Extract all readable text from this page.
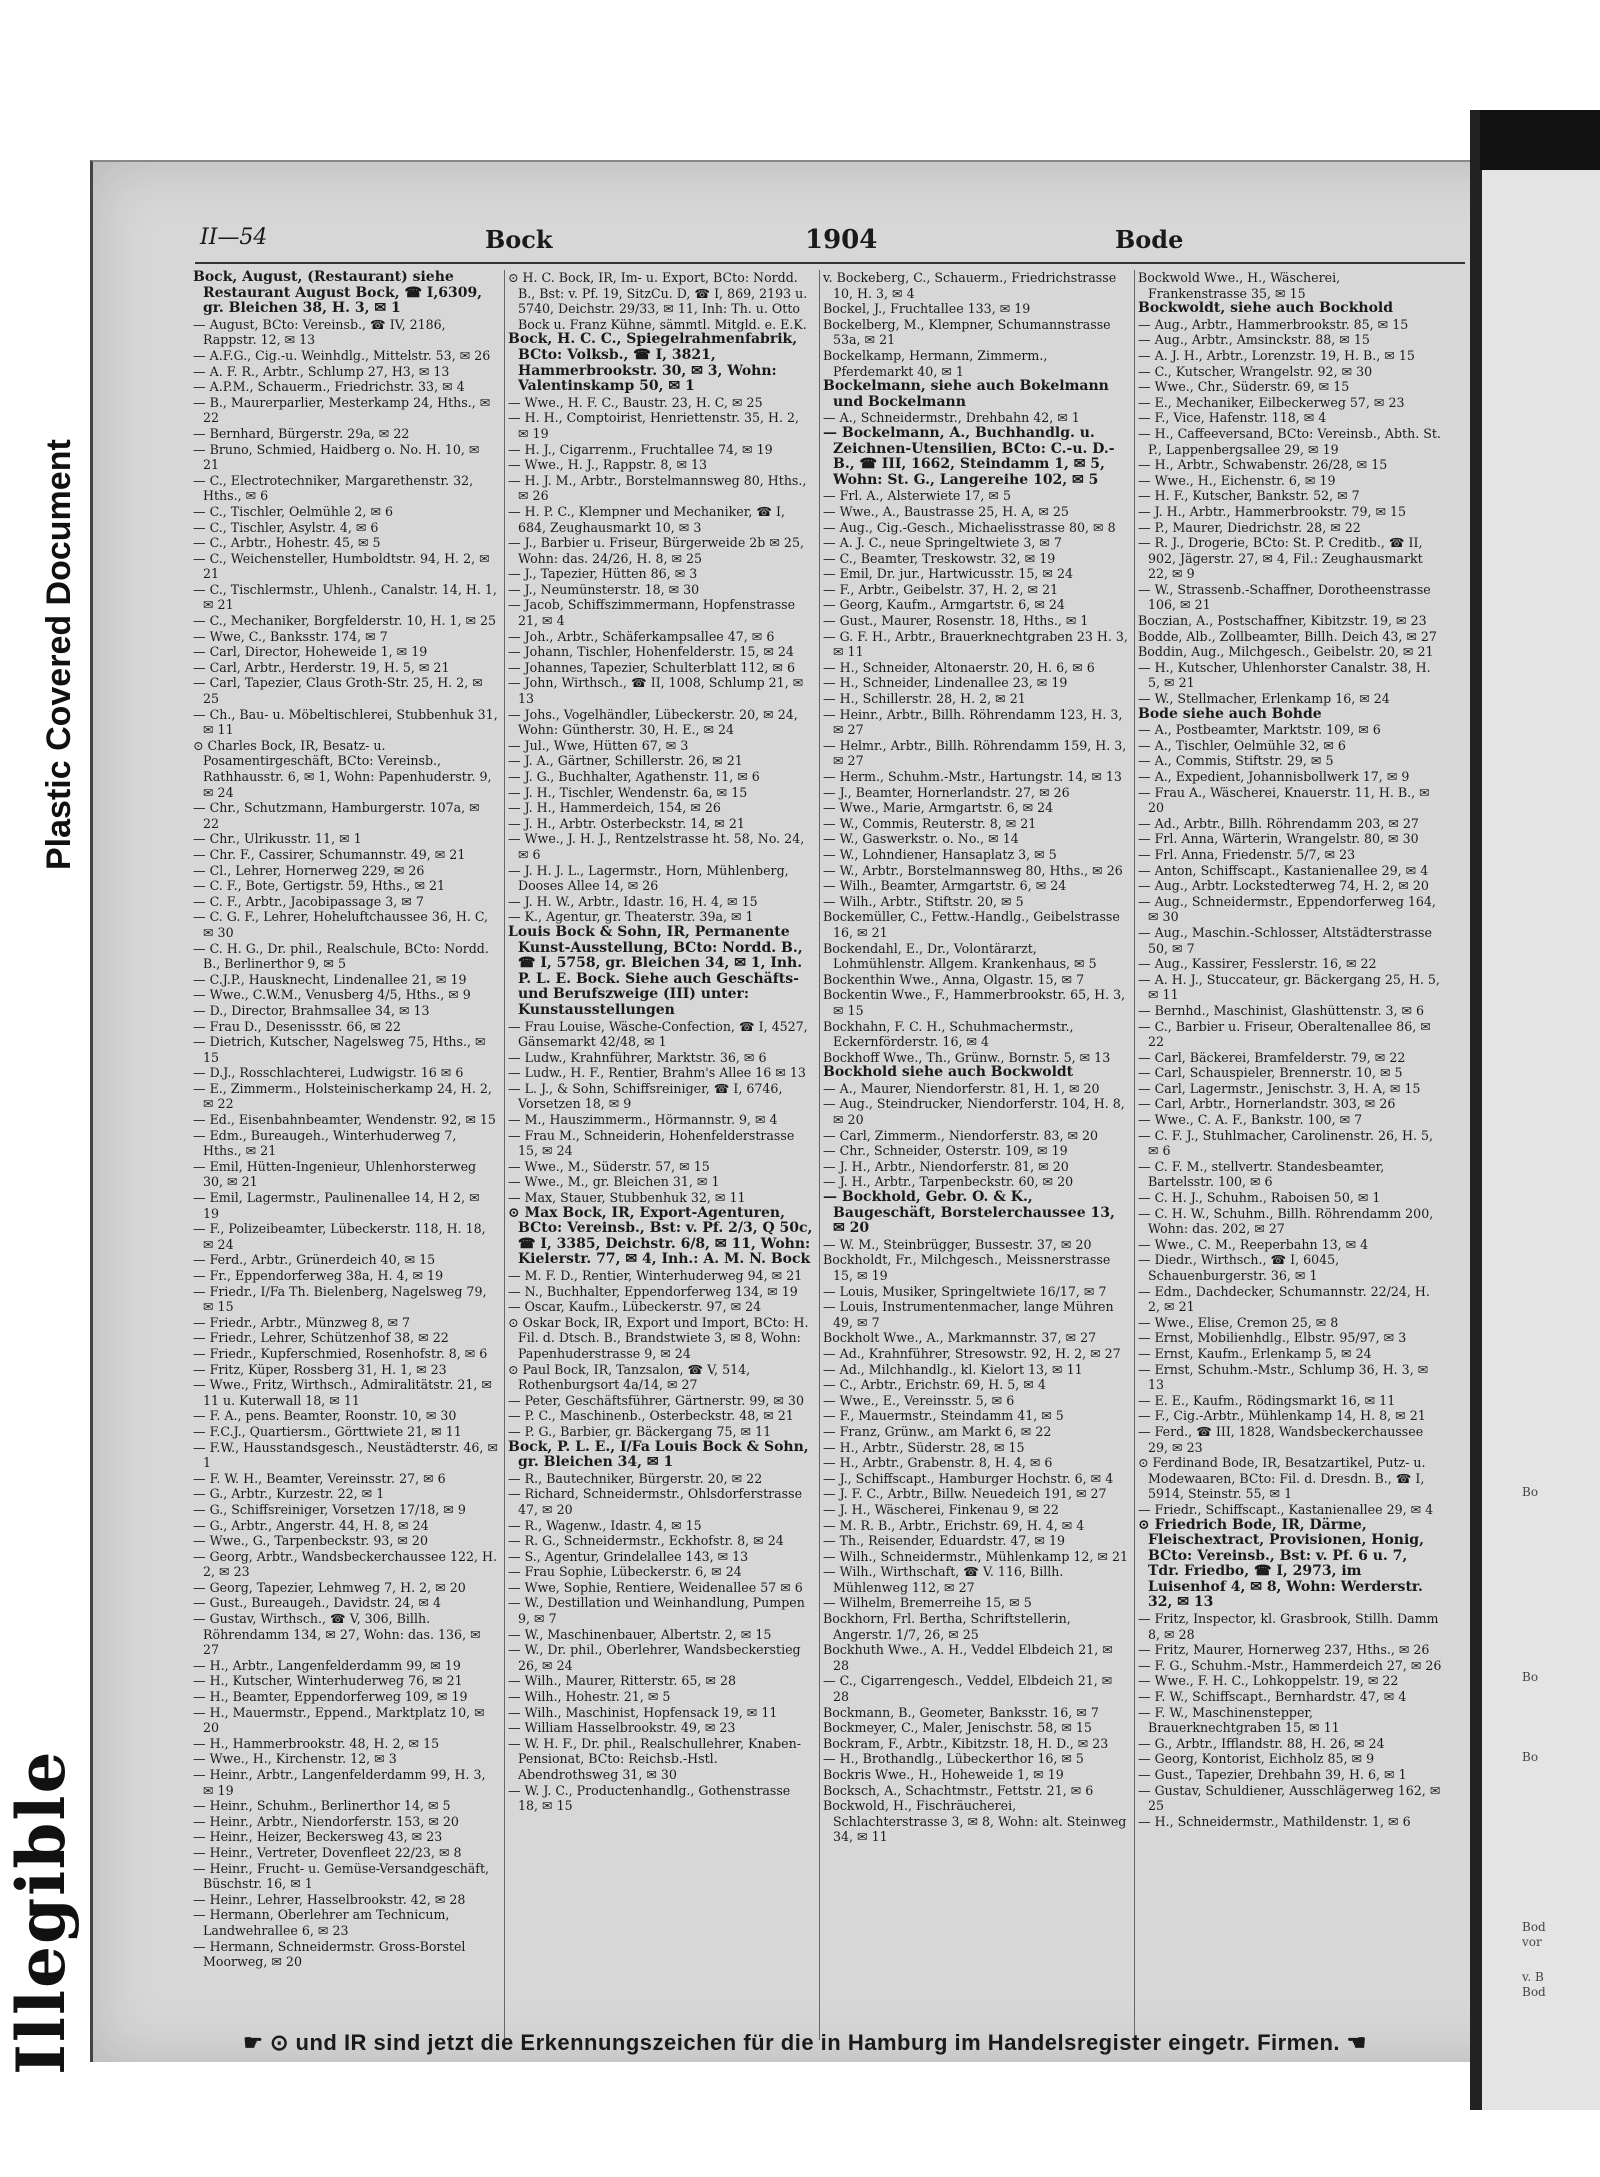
Plastic Covered Document
Illegible
Bo
Bo
Bod
vor
Bo
v. B
Bod
II—54	Bock	1904	Bode
Bock, August, (Restaurant) siehe Restaurant August Bock, ☎ I,6309, gr. Bleichen 38, H. 3, ✉ 1
— August, BCto: Vereinsb., ☎ IV, 2186, Rappstr. 12, ✉ 13
— A.F.G., Cig.-u. Weinhdlg., Mittelstr. 53, ✉ 26
— A. F. R., Arbtr., Schlump 27, H3, ✉ 13
— A.P.M., Schauerm., Friedrichstr. 33, ✉ 4
— B., Maurerparlier, Mesterkamp 24, Hths., ✉ 22
— Bernhard, Bürgerstr. 29a, ✉ 22
— Bruno, Schmied, Haidberg o. No. H. 10, ✉ 21
— C., Electrotechniker, Margarethenstr. 32, Hths., ✉ 6
— C., Tischler, Oelmühle 2, ✉ 6
— C., Tischler, Asylstr. 4, ✉ 6
— C., Arbtr., Hohestr. 45, ✉ 5
— C., Weichensteller, Humboldtstr. 94, H. 2, ✉ 21
— C., Tischlermstr., Uhlenh., Canalstr. 14, H. 1, ✉ 21
— C., Mechaniker, Borgfelderstr. 10, H. 1, ✉ 25
— Wwe, C., Banksstr. 174, ✉ 7
— Carl, Director, Hoheweide 1, ✉ 19
— Carl, Arbtr., Herderstr. 19, H. 5, ✉ 21
— Carl, Tapezier, Claus Groth-Str. 25, H. 2, ✉ 25
— Ch., Bau- u. Möbeltischlerei, Stubbenhuk 31, ✉ 11
⊙ Charles Bock, IR, Besatz- u. Posamentirgeschäft, BCto: Vereinsb., Rathhausstr. 6, ✉ 1, Wohn: Papenhuderstr. 9, ✉ 24
— Chr., Schutzmann, Hamburgerstr. 107a, ✉ 22
— Chr., Ulrikusstr. 11, ✉ 1
— Chr. F., Cassirer, Schumannstr. 49, ✉ 21
— Cl., Lehrer, Hornerweg 229, ✉ 26
— C. F., Bote, Gertigstr. 59, Hths., ✉ 21
— C. F., Arbtr., Jacobipassage 3, ✉ 7
— C. G. F., Lehrer, Hoheluftchaussee 36, H. C, ✉ 30
— C. H. G., Dr. phil., Realschule, BCto: Nordd. B., Berlinerthor 9, ✉ 5
— C.J.P., Hausknecht, Lindenallee 21, ✉ 19
— Wwe., C.W.M., Venusberg 4/5, Hths., ✉ 9
— D., Director, Brahmsallee 34, ✉ 13
— Frau D., Desenissstr. 66, ✉ 22
— Dietrich, Kutscher, Nagelsweg 75, Hths., ✉ 15
— D.J., Rosschlachterei, Ludwigstr. 16 ✉ 6
— E., Zimmerm., Holsteinischerkamp 24, H. 2, ✉ 22
— Ed., Eisenbahnbeamter, Wendenstr. 92, ✉ 15
— Edm., Bureaugeh., Winterhuderweg 7, Hths., ✉ 21
— Emil, Hütten-Ingenieur, Uhlenhorsterweg 30, ✉ 21
— Emil, Lagermstr., Paulinenallee 14, H 2, ✉ 19
— F., Polizeibeamter, Lübeckerstr. 118, H. 18, ✉ 24
— Ferd., Arbtr., Grünerdeich 40, ✉ 15
— Fr., Eppendorferweg 38a, H. 4, ✉ 19
— Friedr., I/Fa Th. Bielenberg, Nagelsweg 79, ✉ 15
— Friedr., Arbtr., Münzweg 8, ✉ 7
— Friedr., Lehrer, Schützenhof 38, ✉ 22
— Friedr., Kupferschmied, Rosenhofstr. 8, ✉ 6
— Fritz, Küper, Rossberg 31, H. 1, ✉ 23
— Wwe., Fritz, Wirthsch., Admiralitätstr. 21, ✉ 11 u. Kuterwall 18, ✉ 11
— F. A., pens. Beamter, Roonstr. 10, ✉ 30
— F.C.J., Quartiersm., Görttwiete 21, ✉ 11
— F.W., Hausstandsgesch., Neustädterstr. 46, ✉ 1
— F. W. H., Beamter, Vereinsstr. 27, ✉ 6
— G., Arbtr., Kurzestr. 22, ✉ 1
— G., Schiffsreiniger, Vorsetzen 17/18, ✉ 9
— G., Arbtr., Angerstr. 44, H. 8, ✉ 24
— Wwe., G., Tarpenbeckstr. 93, ✉ 20
— Georg, Arbtr., Wandsbeckerchaussee 122, H. 2, ✉ 23
— Georg, Tapezier, Lehmweg 7, H. 2, ✉ 20
— Gust., Bureaugeh., Davidstr. 24, ✉ 4
— Gustav, Wirthsch., ☎ V, 306, Billh. Röhrendamm 134, ✉ 27, Wohn: das. 136, ✉ 27
— H., Arbtr., Langenfelderdamm 99, ✉ 19
— H., Kutscher, Winterhuderweg 76, ✉ 21
— H., Beamter, Eppendorferweg 109, ✉ 19
— H., Mauermstr., Eppend., Marktplatz 10, ✉ 20
— H., Hammerbrookstr. 48, H. 2, ✉ 15
— Wwe., H., Kirchenstr. 12, ✉ 3
— Heinr., Arbtr., Langenfelderdamm 99, H. 3, ✉ 19
— Heinr., Schuhm., Berlinerthor 14, ✉ 5
— Heinr., Arbtr., Niendorferstr. 153, ✉ 20
— Heinr., Heizer, Beckersweg 43, ✉ 23
— Heinr., Vertreter, Dovenfleet 22/23, ✉ 8
— Heinr., Frucht- u. Gemüse-Versandgeschäft, Büschstr. 16, ✉ 1
— Heinr., Lehrer, Hasselbrookstr. 42, ✉ 28
— Hermann, Oberlehrer am Technicum, Landwehrallee 6, ✉ 23
— Hermann, Schneidermstr. Gross-Borstel Moorweg, ✉ 20
⊙ H. C. Bock, IR, Im- u. Export, BCto: Nordd. B., Bst: v. Pf. 19, SitzCu. D, ☎ I, 869, 2193 u. 5740, Deichstr. 29/33, ✉ 11, Inh: Th. u. Otto Bock u. Franz Kühne, sämmtl. Mitgld. e. E.K.
Bock, H. C. C., Spiegelrahmenfabrik, BCto: Volksb., ☎ I, 3821, Hammerbrookstr. 30, ✉ 3, Wohn: Valentinskamp 50, ✉ 1
— Wwe., H. F. C., Baustr. 23, H. C, ✉ 25
— H. H., Comptoirist, Henriettenstr. 35, H. 2, ✉ 19
— H. J., Cigarrenm., Fruchtallee 74, ✉ 19
— Wwe., H. J., Rappstr. 8, ✉ 13
— H. J. M., Arbtr., Borstelmannsweg 80, Hths., ✉ 26
— H. P. C., Klempner und Mechaniker, ☎ I, 684, Zeughausmarkt 10, ✉ 3
— J., Barbier u. Friseur, Bürgerweide 2b ✉ 25, Wohn: das. 24/26, H. 8, ✉ 25
— J., Tapezier, Hütten 86, ✉ 3
— J., Neumünsterstr. 18, ✉ 30
— Jacob, Schiffszimmermann, Hopfenstrasse 21, ✉ 4
— Joh., Arbtr., Schäferkampsallee 47, ✉ 6
— Johann, Tischler, Hohenfelderstr. 15, ✉ 24
— Johannes, Tapezier, Schulterblatt 112, ✉ 6
— John, Wirthsch., ☎ II, 1008, Schlump 21, ✉ 13
— Johs., Vogelhändler, Lübeckerstr. 20, ✉ 24, Wohn: Güntherstr. 30, H. E., ✉ 24
— Jul., Wwe, Hütten 67, ✉ 3
— J. A., Gärtner, Schillerstr. 26, ✉ 21
— J. G., Buchhalter, Agathenstr. 11, ✉ 6
— J. H., Tischler, Wendenstr. 6a, ✉ 15
— J. H., Hammerdeich, 154, ✉ 26
— J. H., Arbtr. Osterbeckstr. 14, ✉ 21
— Wwe., J. H. J., Rentzelstrasse ht. 58, No. 24, ✉ 6
— J. H. J. L., Lagermstr., Horn, Mühlenberg, Dooses Allee 14, ✉ 26
— J. H. W., Arbtr., Idastr. 16, H. 4, ✉ 15
— K., Agentur, gr. Theaterstr. 39a, ✉ 1
Louis Bock & Sohn, IR, Permanente Kunst-Ausstellung, BCto: Nordd. B., ☎ I, 5758, gr. Bleichen 34, ✉ 1, Inh. P. L. E. Bock. Siehe auch Geschäfts- und Berufszweige (III) unter: Kunstausstellungen
— Frau Louise, Wäsche-Confection, ☎ I, 4527, Gänsemarkt 42/48, ✉ 1
— Ludw., Krahnführer, Marktstr. 36, ✉ 6
— Ludw., H. F., Rentier, Brahm's Allee 16 ✉ 13
— L. J., & Sohn, Schiffsreiniger, ☎ I, 6746, Vorsetzen 18, ✉ 9
— M., Hauszimmerm., Hörmannstr. 9, ✉ 4
— Frau M., Schneiderin, Hohenfelderstrasse 15, ✉ 24
— Wwe., M., Süderstr. 57, ✉ 15
— Wwe., M., gr. Bleichen 31, ✉ 1
— Max, Stauer, Stubbenhuk 32, ✉ 11
⊙ Max Bock, IR, Export-Agenturen, BCto: Vereinsb., Bst: v. Pf. 2/3, Q 50c, ☎ I, 3385, Deichstr. 6/8, ✉ 11, Wohn: Kielerstr. 77, ✉ 4, Inh.: A. M. N. Bock
— M. F. D., Rentier, Winterhuderweg 94, ✉ 21
— N., Buchhalter, Eppendorferweg 134, ✉ 19
— Oscar, Kaufm., Lübeckerstr. 97, ✉ 24
⊙ Oskar Bock, IR, Export und Import, BCto: H. Fil. d. Dtsch. B., Brandstwiete 3, ✉ 8, Wohn: Papenhuderstrasse 9, ✉ 24
⊙ Paul Bock, IR, Tanzsalon, ☎ V, 514, Rothenburgsort 4a/14, ✉ 27
— Peter, Geschäftsführer, Gärtnerstr. 99, ✉ 30
— P. C., Maschinenb., Osterbeckstr. 48, ✉ 21
— P. G., Barbier, gr. Bäckergang 75, ✉ 11
Bock, P. L. E., I/Fa Louis Bock & Sohn, gr. Bleichen 34, ✉ 1
— R., Bautechniker, Bürgerstr. 20, ✉ 22
— Richard, Schneidermstr., Ohlsdorferstrasse 47, ✉ 20
— R., Wagenw., Idastr. 4, ✉ 15
— R. G., Schneidermstr., Eckhofstr. 8, ✉ 24
— S., Agentur, Grindelallee 143, ✉ 13
— Frau Sophie, Lübeckerstr. 6, ✉ 24
— Wwe, Sophie, Rentiere, Weidenallee 57 ✉ 6
— W., Destillation und Weinhandlung, Pumpen 9, ✉ 7
— W., Maschinenbauer, Albertstr. 2, ✉ 15
— W., Dr. phil., Oberlehrer, Wandsbeckerstieg 26, ✉ 24
— Wilh., Maurer, Ritterstr. 65, ✉ 28
— Wilh., Hohestr. 21, ✉ 5
— Wilh., Maschinist, Hopfensack 19, ✉ 11
— William Hasselbrookstr. 49, ✉ 23
— W. H. F., Dr. phil., Realschullehrer, Knaben-Pensionat, BCto: Reichsb.-Hstl. Abendrothsweg 31, ✉ 30
— W. J. C., Productenhandlg., Gothenstrasse 18, ✉ 15
v. Bockeberg, C., Schauerm., Friedrichstrasse 10, H. 3, ✉ 4
Bockel, J., Fruchtallee 133, ✉ 19
Bockelberg, M., Klempner, Schumannstrasse 53a, ✉ 21
Bockelkamp, Hermann, Zimmerm., Pferdemarkt 40, ✉ 1
Bockelmann, siehe auch Bokelmann und Bockelmann
— A., Schneidermstr., Drehbahn 42, ✉ 1
— Bockelmann, A., Buchhandlg. u. Zeichnen-Utensilien, BCto: C.-u. D.-B., ☎ III, 1662, Steindamm 1, ✉ 5, Wohn: St. G., Langereihe 102, ✉ 5
— Frl. A., Alsterwiete 17, ✉ 5
— Wwe., A., Baustrasse 25, H. A, ✉ 25
— Aug., Cig.-Gesch., Michaelisstrasse 80, ✉ 8
— A. J. C., neue Springeltwiete 3, ✉ 7
— C., Beamter, Treskowstr. 32, ✉ 19
— Emil, Dr. jur., Hartwicusstr. 15, ✉ 24
— F., Arbtr., Geibelstr. 37, H. 2, ✉ 21
— Georg, Kaufm., Armgartstr. 6, ✉ 24
— Gust., Maurer, Rosenstr. 18, Hths., ✉ 1
— G. F. H., Arbtr., Brauerknechtgraben 23 H. 3, ✉ 11
— H., Schneider, Altonaerstr. 20, H. 6, ✉ 6
— H., Schneider, Lindenallee 23, ✉ 19
— H., Schillerstr. 28, H. 2, ✉ 21
— Heinr., Arbtr., Billh. Röhrendamm 123, H. 3, ✉ 27
— Helmr., Arbtr., Billh. Röhrendamm 159, H. 3, ✉ 27
— Herm., Schuhm.-Mstr., Hartungstr. 14, ✉ 13
— J., Beamter, Hornerlandstr. 27, ✉ 26
— Wwe., Marie, Armgartstr. 6, ✉ 24
— W., Commis, Reuterstr. 8, ✉ 21
— W., Gaswerkstr. o. No., ✉ 14
— W., Lohndiener, Hansaplatz 3, ✉ 5
— W., Arbtr., Borstelmannsweg 80, Hths., ✉ 26
— Wilh., Beamter, Armgartstr. 6, ✉ 24
— Wilh., Arbtr., Stiftstr. 20, ✉ 5
Bockemüller, C., Fettw.-Handlg., Geibelstrasse 16, ✉ 21
Bockendahl, E., Dr., Volontärarzt, Lohmühlenstr. Allgem. Krankenhaus, ✉ 5
Bockenthin Wwe., Anna, Olgastr. 15, ✉ 7
Bockentin Wwe., F., Hammerbrookstr. 65, H. 3, ✉ 15
Bockhahn, F. C. H., Schuhmachermstr., Eckernförderstr. 16, ✉ 4
Bockhoff Wwe., Th., Grünw., Bornstr. 5, ✉ 13
Bockhold siehe auch Bockwoldt
— A., Maurer, Niendorferstr. 81, H. 1, ✉ 20
— Aug., Steindrucker, Niendorferstr. 104, H. 8, ✉ 20
— Carl, Zimmerm., Niendorferstr. 83, ✉ 20
— Chr., Schneider, Osterstr. 109, ✉ 19
— J. H., Arbtr., Niendorferstr. 81, ✉ 20
— J. H., Arbtr., Tarpenbeckstr. 60, ✉ 20
— Bockhold, Gebr. O. & K., Baugeschäft, Borstelerchaussee 13, ✉ 20
— W. M., Steinbrügger, Bussestr. 37, ✉ 20
Bockholdt, Fr., Milchgesch., Meissnerstrasse 15, ✉ 19
— Louis, Musiker, Springeltwiete 16/17, ✉ 7
— Louis, Instrumentenmacher, lange Mühren 49, ✉ 7
Bockholt Wwe., A., Markmannstr. 37, ✉ 27
— Ad., Krahnführer, Stresowstr. 92, H. 2, ✉ 27
— Ad., Milchhandlg., kl. Kielort 13, ✉ 11
— C., Arbtr., Erichstr. 69, H. 5, ✉ 4
— Wwe., E., Vereinsstr. 5, ✉ 6
— F., Mauermstr., Steindamm 41, ✉ 5
— Franz, Grünw., am Markt 6, ✉ 22
— H., Arbtr., Süderstr. 28, ✉ 15
— H., Arbtr., Grabenstr. 8, H. 4, ✉ 6
— J., Schiffscapt., Hamburger Hochstr. 6, ✉ 4
— J. F. C., Arbtr., Billw. Neuedeich 191, ✉ 27
— J. H., Wäscherei, Finkenau 9, ✉ 22
— M. R. B., Arbtr., Erichstr. 69, H. 4, ✉ 4
— Th., Reisender, Eduardstr. 47, ✉ 19
— Wilh., Schneidermstr., Mühlenkamp 12, ✉ 21
— Wilh., Wirthschaft, ☎ V. 116, Billh. Mühlenweg 112, ✉ 27
— Wilhelm, Bremerreihe 15, ✉ 5
Bockhorn, Frl. Bertha, Schriftstellerin, Angerstr. 1/7, 26, ✉ 25
Bockhuth Wwe., A. H., Veddel Elbdeich 21, ✉ 28
— C., Cigarrengesch., Veddel, Elbdeich 21, ✉ 28
Bockmann, B., Geometer, Banksstr. 16, ✉ 7
Bockmeyer, C., Maler, Jenischstr. 58, ✉ 15
Bockram, F., Arbtr., Kibitzstr. 18, H. D., ✉ 23
— H., Brothandlg., Lübeckerthor 16, ✉ 5
Bockris Wwe., H., Hoheweide 1, ✉ 19
Bocksch, A., Schachtmstr., Fettstr. 21, ✉ 6
Bockwold, H., Fischräucherei, Schlachterstrasse 3, ✉ 8, Wohn: alt. Steinweg 34, ✉ 11
Bockwold Wwe., H., Wäscherei, Frankenstrasse 35, ✉ 15
Bockwoldt, siehe auch Bockhold
— Aug., Arbtr., Hammerbrookstr. 85, ✉ 15
— Aug., Arbtr., Amsinckstr. 88, ✉ 15
— A. J. H., Arbtr., Lorenzstr. 19, H. B., ✉ 15
— C., Kutscher, Wrangelstr. 92, ✉ 30
— Wwe., Chr., Süderstr. 69, ✉ 15
— E., Mechaniker, Eilbeckerweg 57, ✉ 23
— F., Vice, Hafenstr. 118, ✉ 4
— H., Caffeeversand, BCto: Vereinsb., Abth. St. P., Lappenbergsallee 29, ✉ 19
— H., Arbtr., Schwabenstr. 26/28, ✉ 15
— Wwe., H., Eichenstr. 6, ✉ 19
— H. F., Kutscher, Bankstr. 52, ✉ 7
— J. H., Arbtr., Hammerbrookstr. 79, ✉ 15
— P., Maurer, Diedrichstr. 28, ✉ 22
— R. J., Drogerie, BCto: St. P. Creditb., ☎ II, 902, Jägerstr. 27, ✉ 4, Fil.: Zeughausmarkt 22, ✉ 9
— W., Strassenb.-Schaffner, Dorotheenstrasse 106, ✉ 21
Boczian, A., Postschaffner, Kibitzstr. 19, ✉ 23
Bodde, Alb., Zollbeamter, Billh. Deich 43, ✉ 27
Boddin, Aug., Milchgesch., Geibelstr. 20, ✉ 21
— H., Kutscher, Uhlenhorster Canalstr. 38, H. 5, ✉ 21
— W., Stellmacher, Erlenkamp 16, ✉ 24
Bode siehe auch Bohde
— A., Postbeamter, Marktstr. 109, ✉ 6
— A., Tischler, Oelmühle 32, ✉ 6
— A., Commis, Stiftstr. 29, ✉ 5
— A., Expedient, Johannisbollwerk 17, ✉ 9
— Frau A., Wäscherei, Knauerstr. 11, H. B., ✉ 20
— Ad., Arbtr., Billh. Röhrendamm 203, ✉ 27
— Frl. Anna, Wärterin, Wrangelstr. 80, ✉ 30
— Frl. Anna, Friedenstr. 5/7, ✉ 23
— Anton, Schiffscapt., Kastanienallee 29, ✉ 4
— Aug., Arbtr. Lockstedterweg 74, H. 2, ✉ 20
— Aug., Schneidermstr., Eppendorferweg 164, ✉ 30
— Aug., Maschin.-Schlosser, Altstädterstrasse 50, ✉ 7
— Aug., Kassirer, Fesslerstr. 16, ✉ 22
— A. H. J., Stuccateur, gr. Bäckergang 25, H. 5, ✉ 11
— Bernhd., Maschinist, Glashüttenstr. 3, ✉ 6
— C., Barbier u. Friseur, Oberaltenallee 86, ✉ 22
— Carl, Bäckerei, Bramfelderstr. 79, ✉ 22
— Carl, Schauspieler, Brennerstr. 10, ✉ 5
— Carl, Lagermstr., Jenischstr. 3, H. A, ✉ 15
— Carl, Arbtr., Hornerlandstr. 303, ✉ 26
— Wwe., C. A. F., Bankstr. 100, ✉ 7
— C. F. J., Stuhlmacher, Carolinenstr. 26, H. 5, ✉ 6
— C. F. M., stellvertr. Standesbeamter, Bartelsstr. 100, ✉ 6
— C. H. J., Schuhm., Raboisen 50, ✉ 1
— C. H. W., Schuhm., Billh. Röhrendamm 200, Wohn: das. 202, ✉ 27
— Wwe., C. M., Reeperbahn 13, ✉ 4
— Diedr., Wirthsch., ☎ I, 6045, Schauenburgerstr. 36, ✉ 1
— Edm., Dachdecker, Schumannstr. 22/24, H. 2, ✉ 21
— Wwe., Elise, Cremon 25, ✉ 8
— Ernst, Mobilienhdlg., Elbstr. 95/97, ✉ 3
— Ernst, Kaufm., Erlenkamp 5, ✉ 24
— Ernst, Schuhm.-Mstr., Schlump 36, H. 3, ✉ 13
— E. E., Kaufm., Rödingsmarkt 16, ✉ 11
— F., Cig.-Arbtr., Mühlenkamp 14, H. 8, ✉ 21
— Ferd., ☎ III, 1828, Wandsbeckerchaussee 29, ✉ 23
⊙ Ferdinand Bode, IR, Besatzartikel, Putz- u. Modewaaren, BCto: Fil. d. Dresdn. B., ☎ I, 5914, Steinstr. 55, ✉ 1
— Friedr., Schiffscapt., Kastanienallee 29, ✉ 4
⊙ Friedrich Bode, IR, Därme, Fleischextract, Provisionen, Honig, BCto: Vereinsb., Bst: v. Pf. 6 u. 7, Tdr. Friedbo, ☎ I, 2973, im Luisenhof 4, ✉ 8, Wohn: Werderstr. 32, ✉ 13
— Fritz, Inspector, kl. Grasbrook, Stillh. Damm 8, ✉ 28
— Fritz, Maurer, Hornerweg 237, Hths., ✉ 26
— F. G., Schuhm.-Mstr., Hammerdeich 27, ✉ 26
— Wwe., F. H. C., Lohkoppelstr. 19, ✉ 22
— F. W., Schiffscapt., Bernhardstr. 47, ✉ 4
— F. W., Maschinenstepper, Brauerknechtgraben 15, ✉ 11
— G., Arbtr., Ifflandstr. 88, H. 26, ✉ 24
— Georg, Kontorist, Eichholz 85, ✉ 9
— Gust., Tapezier, Drehbahn 39, H. 6, ✉ 1
— Gustav, Schuldiener, Ausschlägerweg 162, ✉ 25
— H., Schneidermstr., Mathildenstr. 1, ✉ 6
☛ ⊙ und IR sind jetzt die Erkennungszeichen für die in Hamburg im Handelsregister eingetr. Firmen. ☚
